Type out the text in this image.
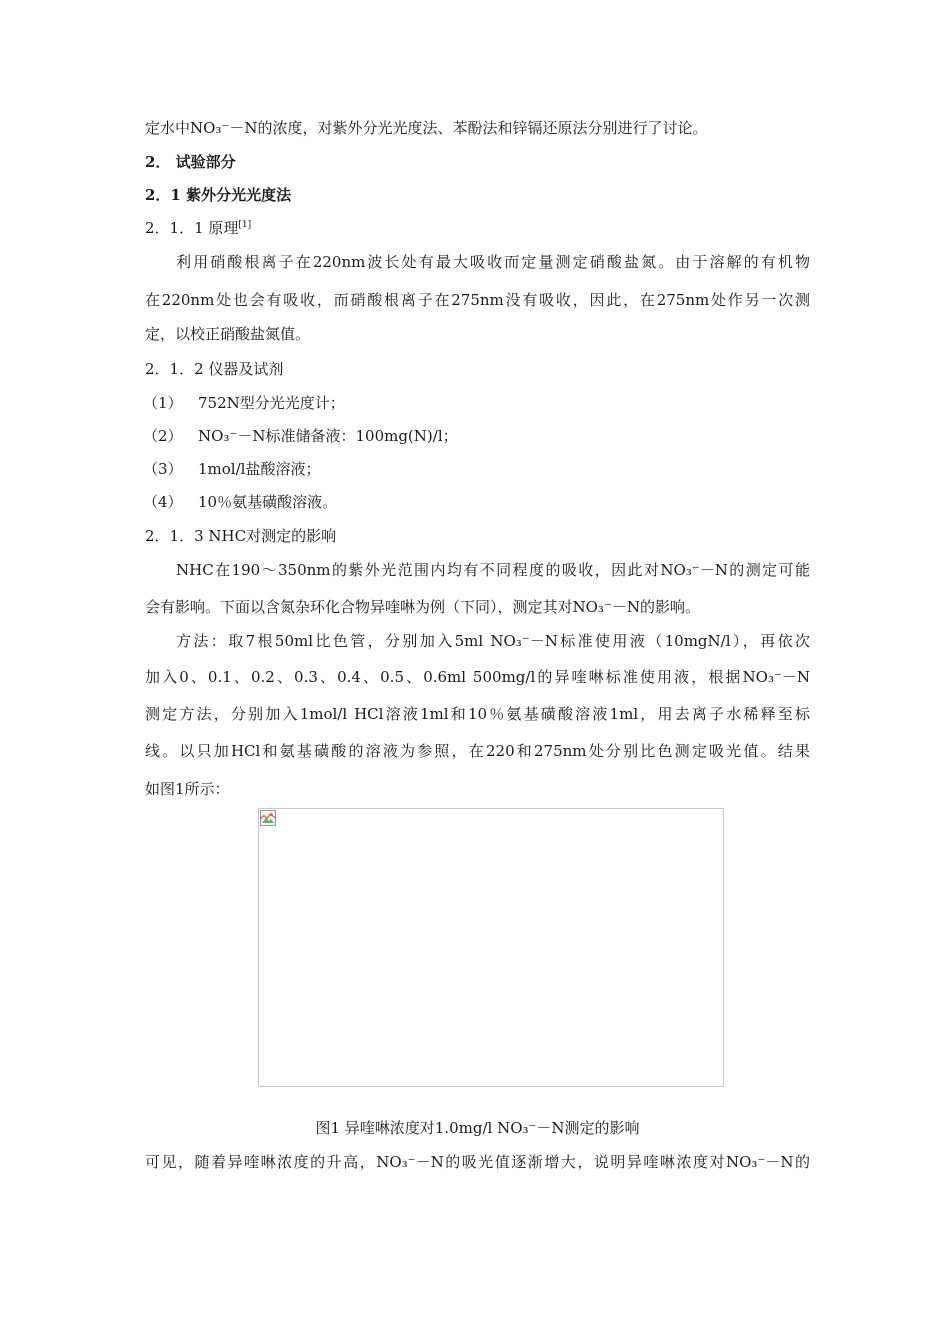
定水中NO₃⁻－N的浓度，对紫外分光光度法、苯酚法和锌镉还原法分别进行了讨论。
2． 试验部分
2．1 紫外分光光度法
2．1．1 原理[1]
利用硝酸根离子在220nm波长处有最大吸收而定量测定硝酸盐氮。由于溶解的有机物
在220nm处也会有吸收，而硝酸根离子在275nm没有吸收，因此，在275nm处作另一次测
定，以校正硝酸盐氮值。
2．1．2 仪器及试剂
（1） 752N型分光光度计；
（2） NO₃⁻－N标准储备液：100mg(N)/l；
（3） 1mol/l盐酸溶液；
（4） 10％氨基磺酸溶液。
2．1．3 NHC对测定的影响
NHC在190～350nm的紫外光范围内均有不同程度的吸收，因此对NO₃⁻－N的测定可能
会有影响。下面以含氮杂环化合物异喹啉为例（下同），测定其对NO₃⁻－N的影响。
方法：取7根50ml比色管，分别加入5ml NO₃⁻－N标准使用液（10mgN/l），再依次
加入0、0.1、0.2、0.3、0.4、0.5、0.6ml 500mg/l的异喹啉标准使用液，根据NO₃⁻－N
测定方法，分别加入1mol/l HCl溶液1ml和10％氨基磺酸溶液1ml，用去离子水稀释至标
线。以只加HCl和氨基磺酸的溶液为参照，在220和275nm处分别比色测定吸光值。结果
如图1所示：
图1 异喹啉浓度对1.0mg/l NO₃⁻－N测定的影响
可见，随着异喹啉浓度的升高，NO₃⁻－N的吸光值逐渐增大，说明异喹啉浓度对NO₃⁻－N的
